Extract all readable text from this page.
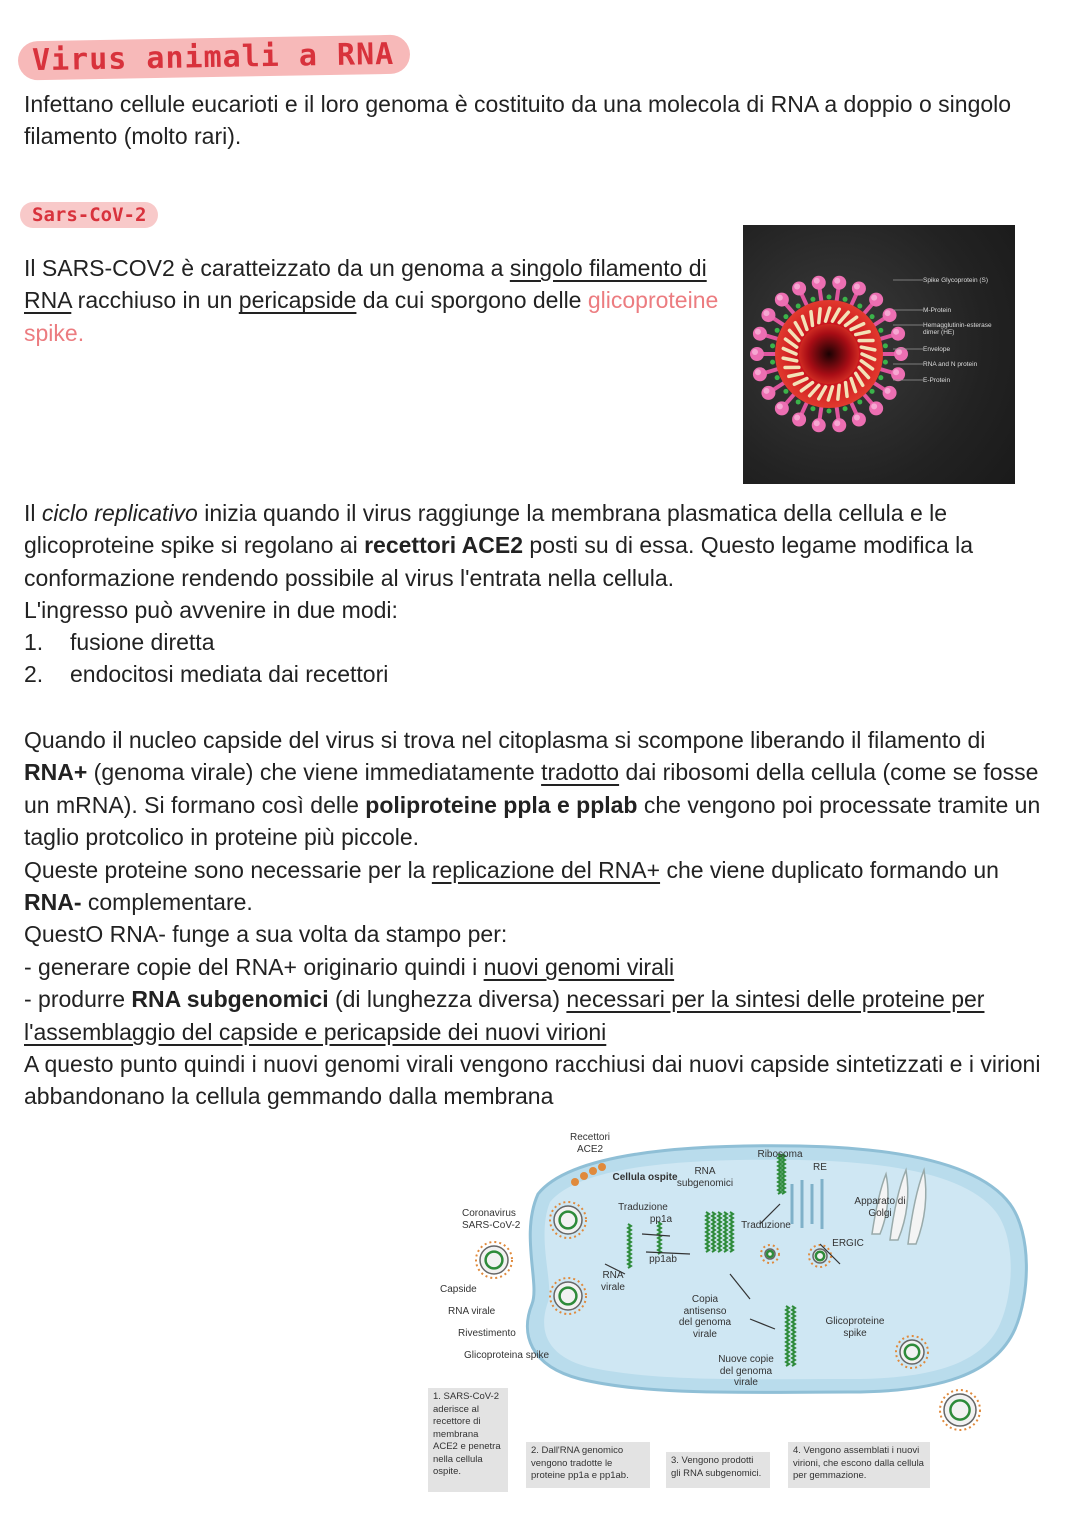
Virus animali a RNA

Infettano cellule eucarioti e il loro genoma è costituito da una molecola di RNA a doppio o singolo filamento (molto rari).

Sars-CoV-2

Il SARS-COV2 è caratteizzato da un genoma a singolo filamento di RNA racchiuso in un pericapside da cui sporgono delle glicoproteine spike.

Spike Glycoprotein (S)
M-Protein
Hemagglutinin-esterase dimer (HE)
Envelope
RNA and N protein
E-Protein

Il ciclo replicativo inizia quando il virus raggiunge la membrana plasmatica della cellula e le glicoproteine spike si regolano ai recettori ACE2 posti su di essa. Questo legame modifica la conformazione rendendo possibile al virus l'entrata nella cellula.
L'ingresso può avvenire in due modi:

1.	fusione diretta
2.	endocitosi mediata dai recettori

Quando il nucleo capside del virus si trova nel citoplasma si scompone liberando il filamento di RNA+ (genoma virale) che viene immediatamente tradotto dai ribosomi della cellula (come se fosse un mRNA). Si formano così delle poliproteine ppla e pplab che vengono poi processate tramite un taglio protcolico in proteine più piccole.
Queste proteine sono necessarie per la replicazione del RNA+ che viene duplicato formando un RNA- complementare.
QuestO RNA- funge a sua volta da stampo per:
- generare copie del RNA+ originario quindi i nuovi genomi virali
- produrre RNA subgenomici (di lunghezza diversa) necessari per la sintesi delle proteine per l'assemblaggio del capside e pericapside dei nuovi virioni
A questo punto quindi i nuovi genomi virali vengono racchiusi dai nuovi capside sintetizzati e i virioni abbandonano la cellula gemmando dalla membrana

Recettori ACE2
Cellula ospite
RNA subgenomici
Ribosoma
RE
Apparato di Golgi
Coronavirus SARS-CoV-2
Traduzione
pp1a
pp1ab
Traduzione
ERGIC
RNA virale
Capside
RNA virale
Rivestimento
Glicoproteina spike
Copia antisenso del genoma virale
Glicoproteine spike
Nuove copie del genoma virale
1. SARS-CoV-2 aderisce al recettore di membrana ACE2 e penetra nella cellula ospite.
2. Dall'RNA genomico vengono tradotte le proteine pp1a e pp1ab.
3. Vengono prodotti gli RNA subgenomici.
4. Vengono assemblati i nuovi virioni, che escono dalla cellula per gemmazione.
